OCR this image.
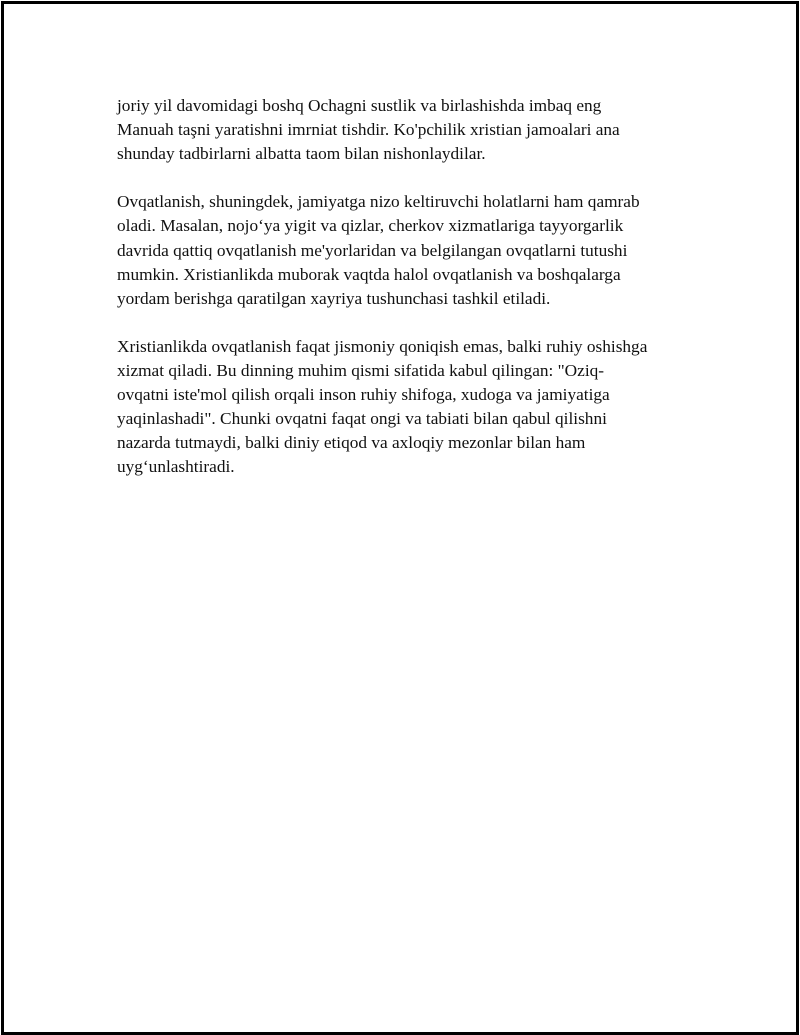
joriy yil davomidagi boshq Ochagni sustlik va birlashishda imbaq eng
Manuah taşni yaratishni imrniat tishdir. Ko'pchilik xristian jamoalari ana
shunday tadbirlarni albatta taom bilan nishonlaydilar.

Ovqatlanish, shuningdek, jamiyatga nizo keltiruvchi holatlarni ham qamrab
oladi. Masalan, nojo‘ya yigit va qizlar, cherkov xizmatlariga tayyorgarlik
davrida qattiq ovqatlanish me'yorlaridan va belgilangan ovqatlarni tutushi
mumkin. Xristianlikda muborak vaqtda halol ovqatlanish va boshqalarga
yordam berishga qaratilgan xayriya tushunchasi tashkil etiladi.

Xristianlikda ovqatlanish faqat jismoniy qoniqish emas, balki ruhiy oshishga
xizmat qiladi. Bu dinning muhim qismi sifatida kabul qilingan: "Oziq-
ovqatni iste'mol qilish orqali inson ruhiy shifoga, xudoga va jamiyatiga
yaqinlashadi". Chunki ovqatni faqat ongi va tabiati bilan qabul qilishni
nazarda tutmaydi, balki diniy etiqod va axloqiy mezonlar bilan ham
uyg‘unlashtiradi.
